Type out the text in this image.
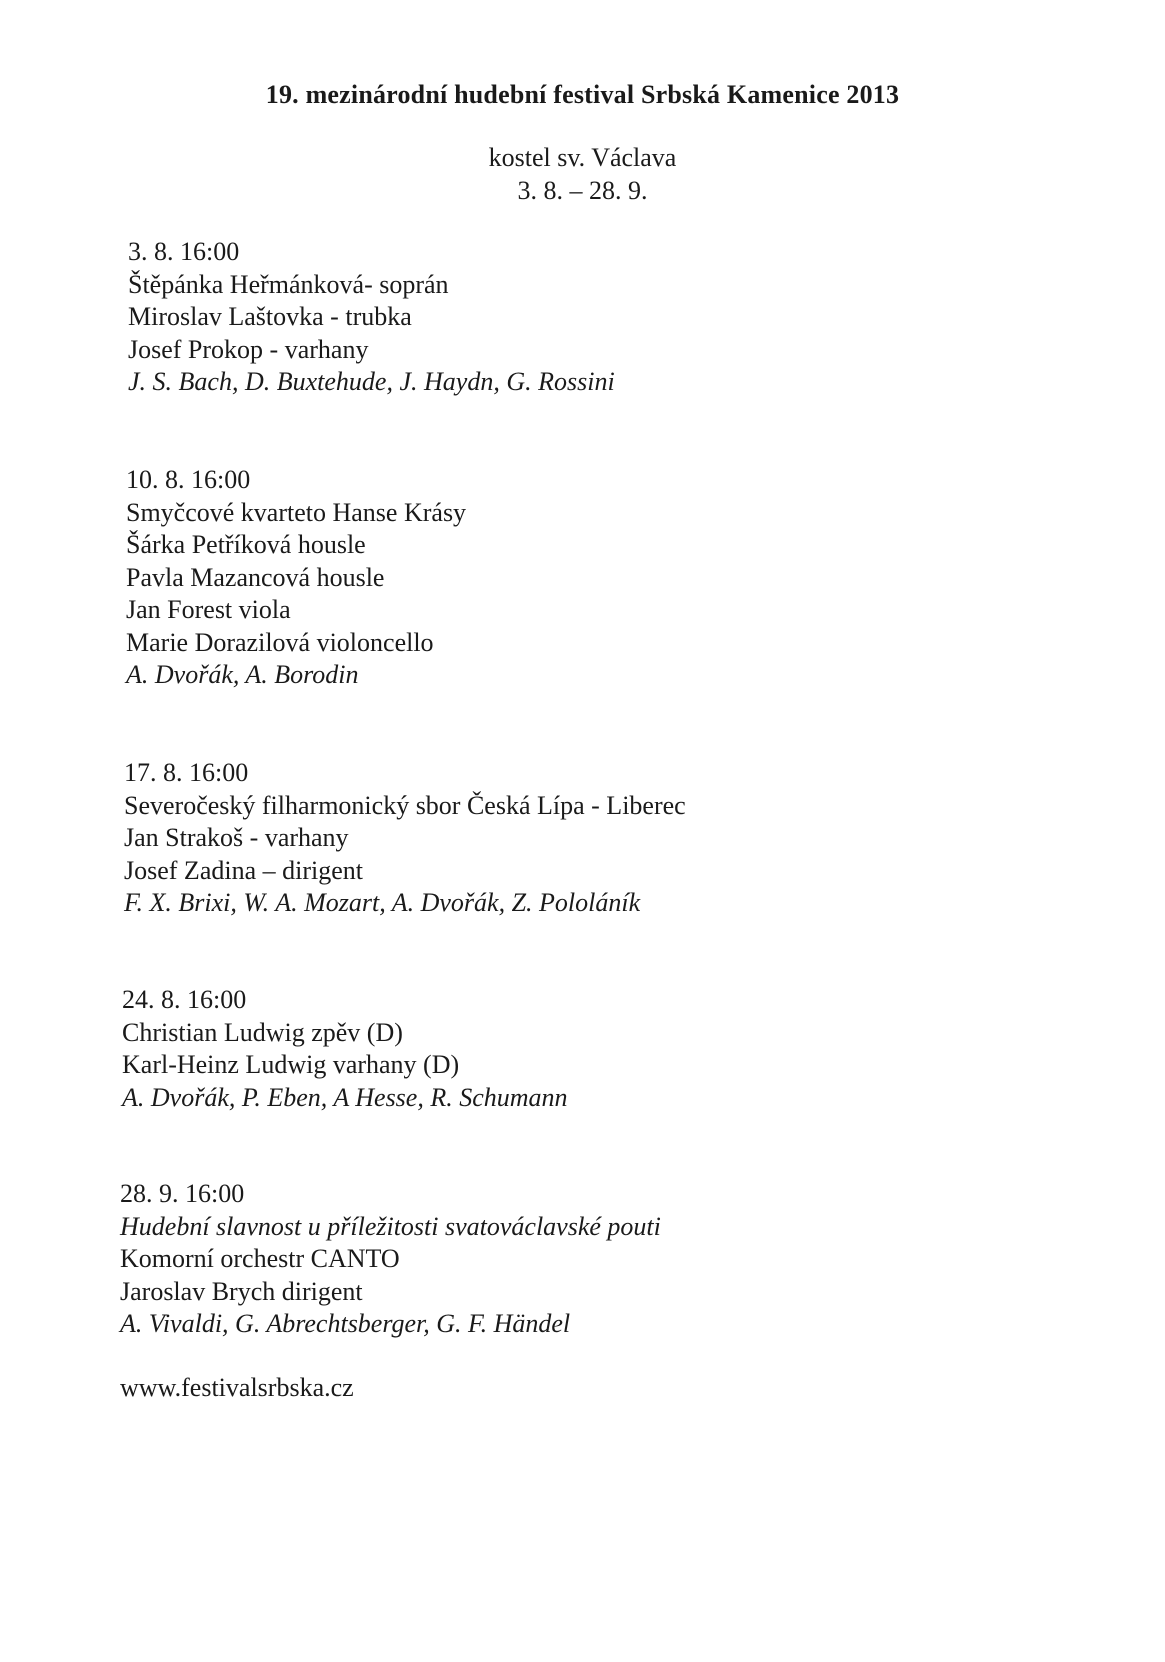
19. mezinárodní hudební festival Srbská Kamenice 2013
kostel sv. Václava
3. 8. – 28. 9.
3. 8. 16:00
Štěpánka Heřmánková- soprán
Miroslav Laštovka - trubka
Josef Prokop - varhany
J. S. Bach, D. Buxtehude, J. Haydn, G. Rossini
10. 8. 16:00
Smyčcové kvarteto Hanse Krásy
Šárka Petříková housle
Pavla Mazancová housle
Jan Forest viola
Marie Dorazilová violoncello
A. Dvořák, A. Borodin
17. 8. 16:00
Severočeský filharmonický sbor Česká Lípa - Liberec
Jan Strakoš - varhany
Josef Zadina – dirigent
F. X. Brixi, W. A. Mozart, A. Dvořák, Z. Pololáník
24. 8. 16:00
Christian Ludwig zpěv (D)
Karl-Heinz Ludwig varhany (D)
A. Dvořák, P. Eben, A Hesse, R. Schumann
28. 9. 16:00
Hudební slavnost u příležitosti svatováclavské pouti
Komorní orchestr CANTO
Jaroslav Brych dirigent
A. Vivaldi, G. Abrechtsberger, G. F. Händel
www.festivalsrbska.cz
